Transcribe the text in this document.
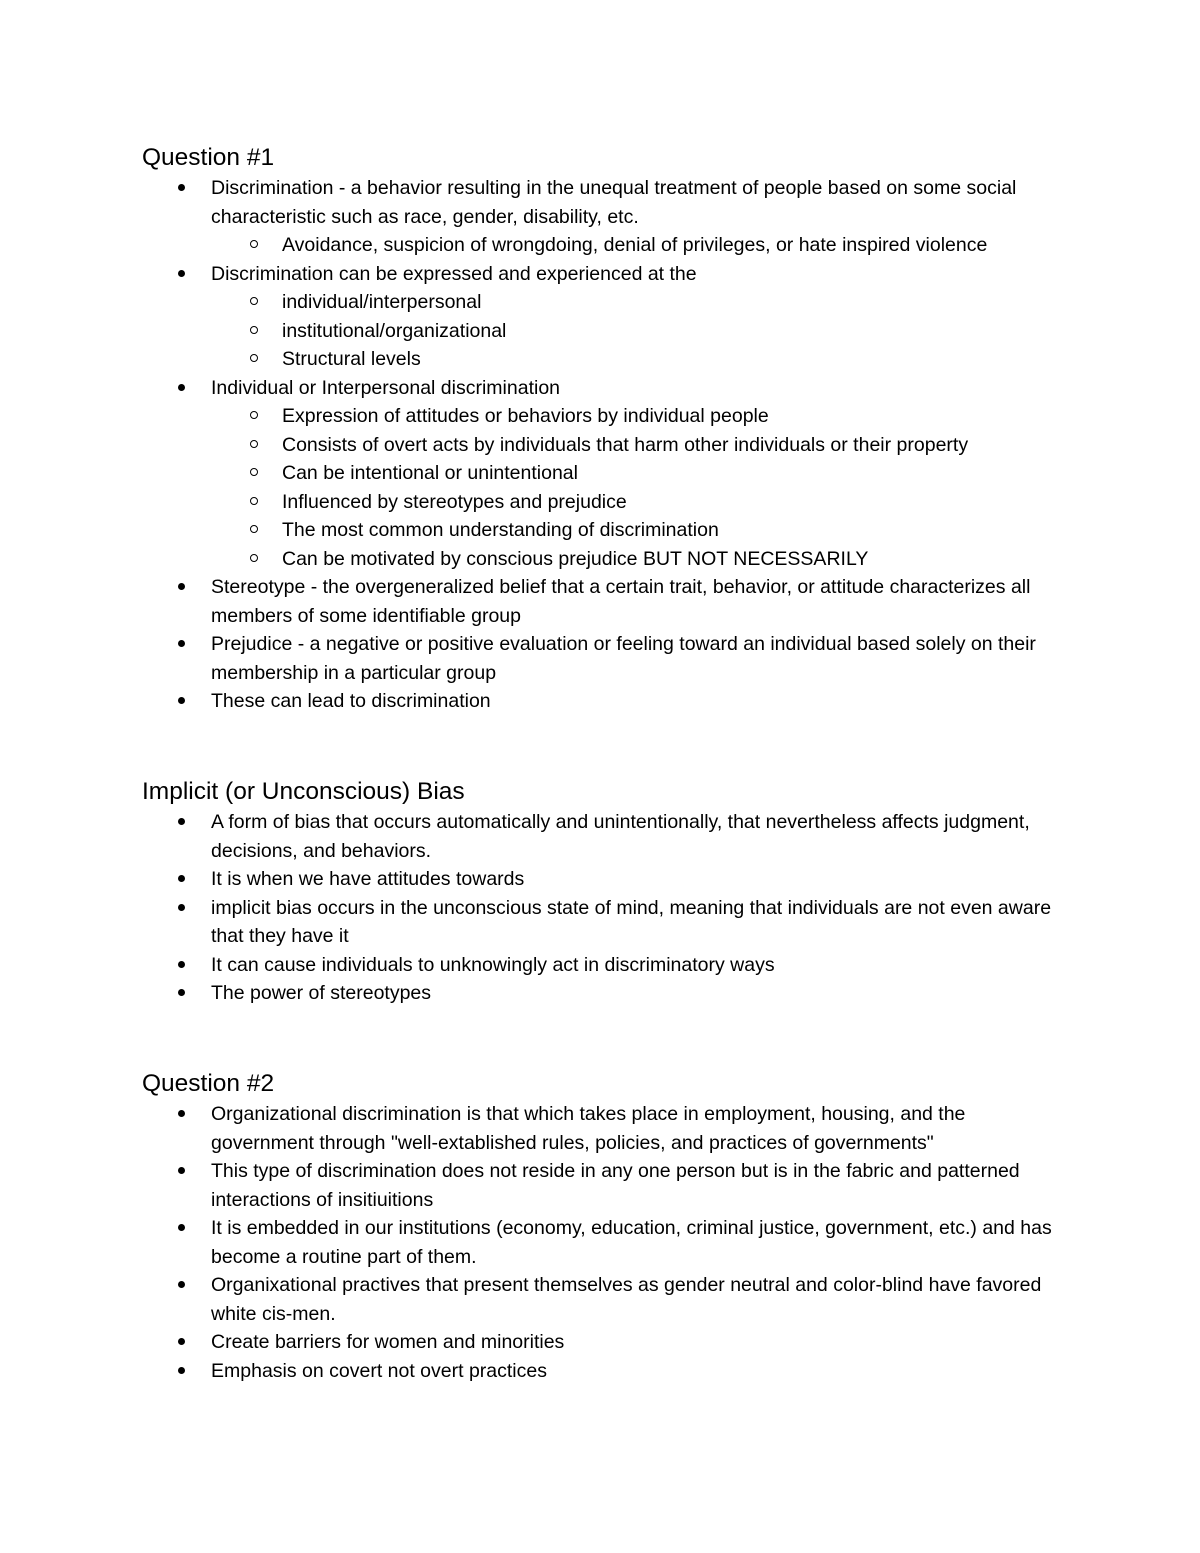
Question #1
Discrimination - a behavior resulting in the unequal treatment of people based on some social characteristic such as race, gender, disability, etc.
Avoidance, suspicion of wrongdoing, denial of privileges, or hate inspired violence
Discrimination can be expressed and experienced at the
individual/interpersonal
institutional/organizational
Structural levels
Individual or Interpersonal discrimination
Expression of attitudes or behaviors by individual people
Consists of overt acts by individuals that harm other individuals or their property
Can be intentional or unintentional
Influenced by stereotypes and prejudice
The most common understanding of discrimination
Can be motivated by conscious prejudice BUT NOT NECESSARILY
Stereotype - the overgeneralized belief that a certain trait, behavior, or attitude characterizes all members of some identifiable group
Prejudice - a negative or positive evaluation or feeling toward an individual based solely on their membership in a particular group
These can lead to discrimination
Implicit (or Unconscious) Bias
A form of bias that occurs automatically and unintentionally, that nevertheless affects judgment, decisions, and behaviors.
It is when we have attitudes towards
implicit bias occurs in the unconscious state of mind, meaning that individuals are not even aware that they have it
It can cause individuals to unknowingly act in discriminatory ways
The power of stereotypes
Question #2
Organizational discrimination is that which takes place in employment, housing, and the government through "well-extablished rules, policies, and practices of governments"
This type of discrimination does not reside in any one person but is in the fabric and patterned interactions of insitiuitions
It is embedded in our institutions (economy, education, criminal justice, government, etc.) and has become a routine part of them.
Organixational practives that present themselves as gender neutral and color-blind have favored white cis-men.
Create barriers for women and minorities
Emphasis on covert not overt practices
